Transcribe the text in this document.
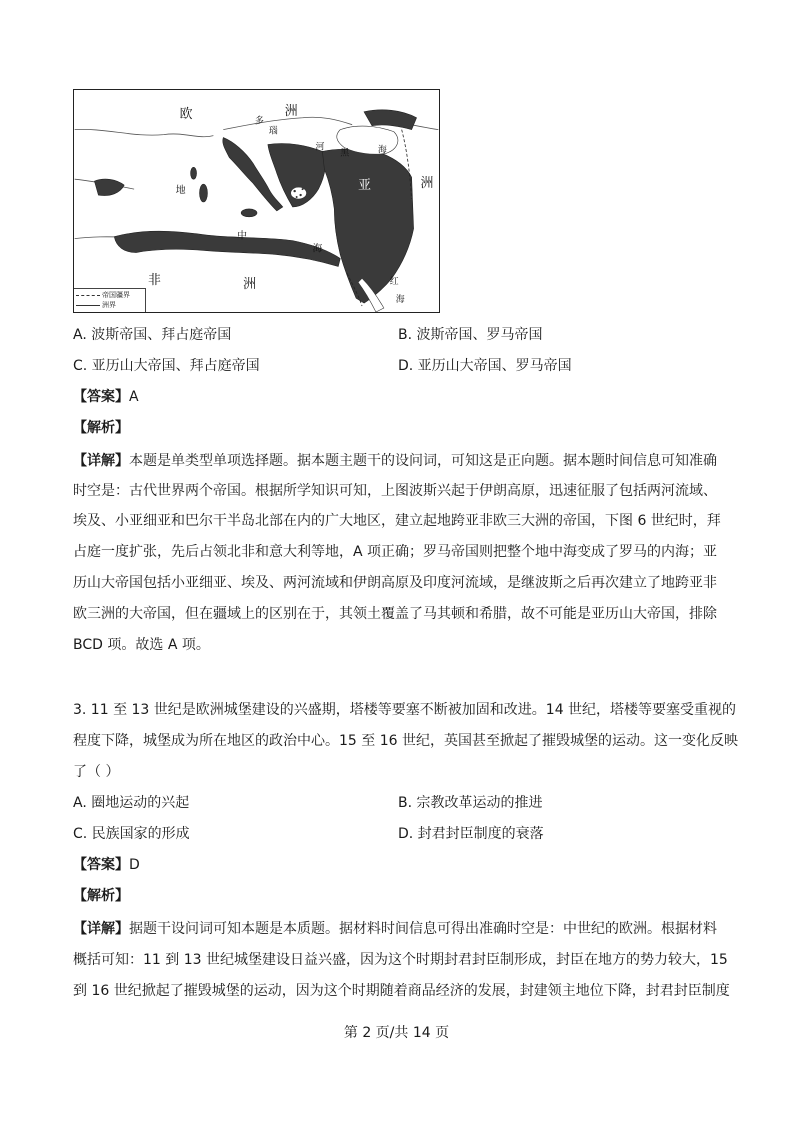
欧	洲
多
瑙
河
黑	海
亚	洲
地
中
海
非	洲	红
海
帝国疆界
洲界
A. 波斯帝国、拜占庭帝国	B. 波斯帝国、罗马帝国
C. 亚历山大帝国、拜占庭帝国	D. 亚历山大帝国、罗马帝国
【答案】A
【解析】
【详解】本题是单类型单项选择题。据本题主题干的设问词，可知这是正向题。据本题时间信息可知准确
时空是：古代世界两个帝国。根据所学知识可知，上图波斯兴起于伊朗高原，迅速征服了包括两河流域、
埃及、小亚细亚和巴尔干半岛北部在内的广大地区，建立起地跨亚非欧三大洲的帝国，下图 6 世纪时，拜
占庭一度扩张，先后占领北非和意大利等地，A 项正确；罗马帝国则把整个地中海变成了罗马的内海；亚
历山大帝国包括小亚细亚、埃及、两河流域和伊朗高原及印度河流域，是继波斯之后再次建立了地跨亚非
欧三洲的大帝国，但在疆域上的区别在于，其领土覆盖了马其顿和希腊，故不可能是亚历山大帝国，排除
BCD 项。故选 A 项。
3. 11 至 13 世纪是欧洲城堡建设的兴盛期，塔楼等要塞不断被加固和改进。14 世纪，塔楼等要塞受重视的
程度下降，城堡成为所在地区的政治中心。15 至 16 世纪，英国甚至掀起了摧毁城堡的运动。这一变化反映
了（ ）
A. 圈地运动的兴起	B. 宗教改革运动的推进
C. 民族国家的形成	D. 封君封臣制度的衰落
【答案】D
【解析】
【详解】据题干设问词可知本题是本质题。据材料时间信息可得出准确时空是：中世纪的欧洲。根据材料
概括可知：11 到 13 世纪城堡建设日益兴盛，因为这个时期封君封臣制形成，封臣在地方的势力较大，15
到 16 世纪掀起了摧毁城堡的运动，因为这个时期随着商品经济的发展，封建领主地位下降，封君封臣制度
第 2 页/共 14 页
